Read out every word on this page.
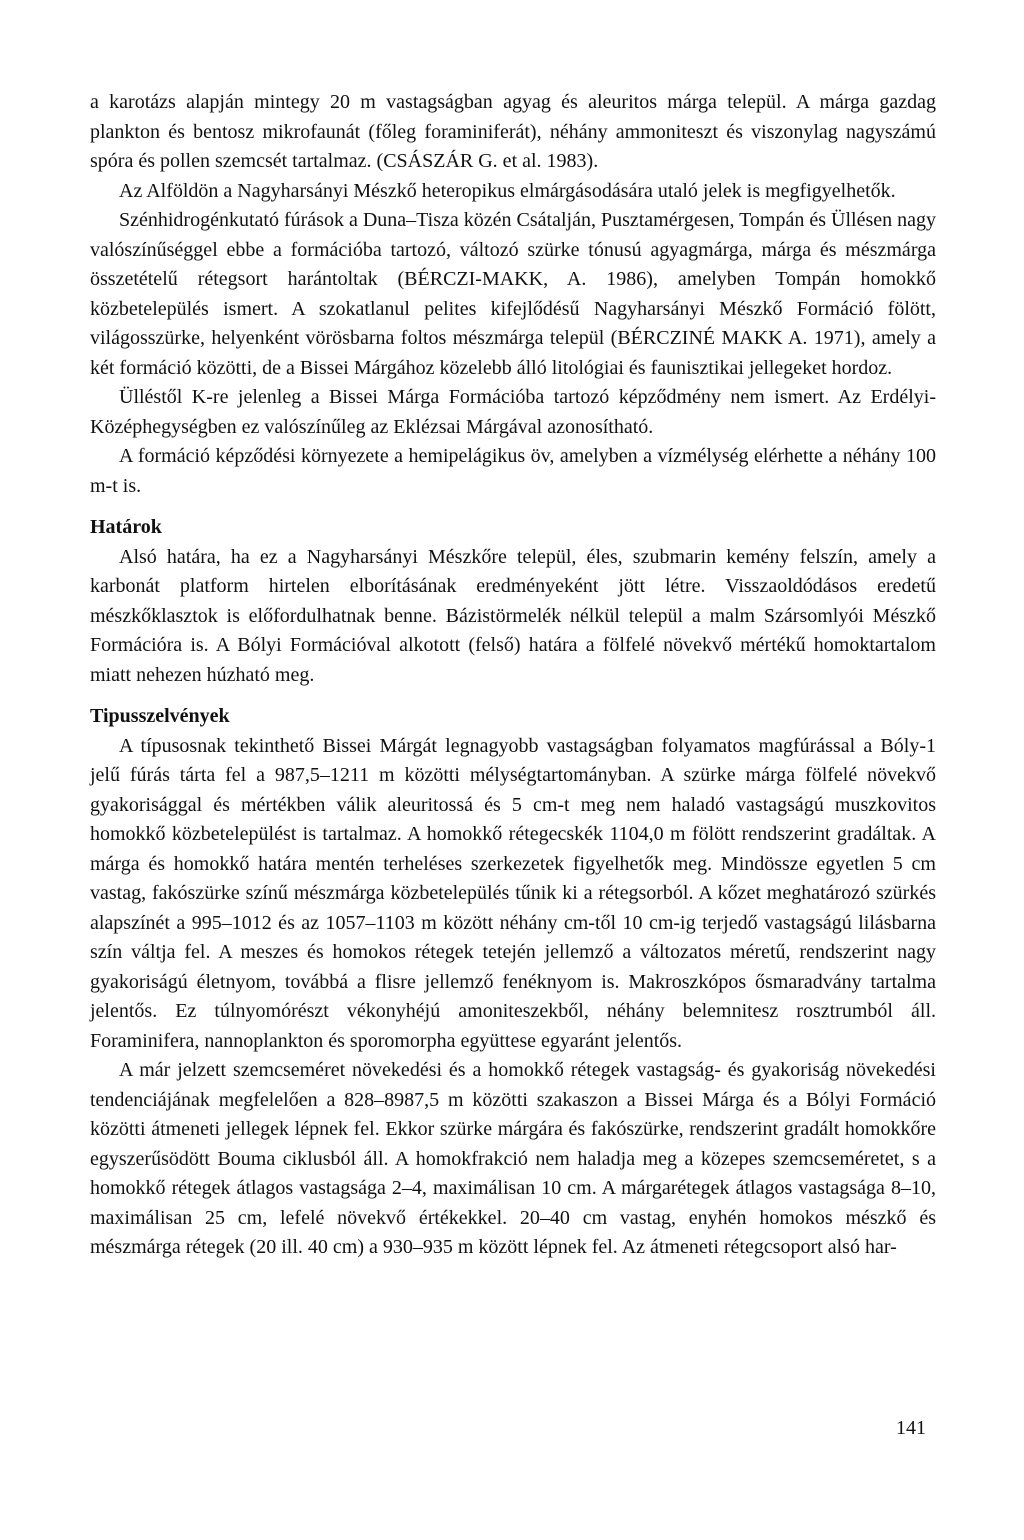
a karotázs alapján mintegy 20 m vastagságban agyag és aleuritos márga települ. A márga gazdag plankton és bentosz mikrofaunát (főleg foraminiferát), néhány ammoniteszt és viszonylag nagyszámú spóra és pollen szemcsét tartalmaz. (CSÁSZÁR G. et al. 1983).

Az Alföldön a Nagyharsányi Mészkő heteropikus elmárgásodására utaló jelek is megfigyelhetők.

Szénhidrogénkutató fúrások a Duna–Tisza közén Csátalján, Pusztamérgesen, Tompán és Üllésen nagy valószínűséggel ebbe a formációba tartozó, változó szürke tónusú agyagmárga, márga és mészmárga összetételű rétegsort harántoltak (BÉRCZI-MAKK, A. 1986), amelyben Tompán homokkő közbetelepülés ismert. A szokatlanul pelites kifejlődésű Nagyharsányi Mészkő Formáció fölött, világosszürke, helyenként vörösbarna foltos mészmárga települ (BÉRCZINÉ MAKK A. 1971), amely a két formáció közötti, de a Bissei Márgához közelebb álló litológiai és faunisztikai jellegeket hordoz.

Ülléstől K-re jelenleg a Bissei Márga Formációba tartozó képződmény nem ismert. Az Erdélyi-Középhegységben ez valószínűleg az Eklézsai Márgával azonosítható.

A formáció képződési környezete a hemipelágikus öv, amelyben a vízmélység elérhette a néhány 100 m-t is.

Határok

Alsó határa, ha ez a Nagyharsányi Mészkőre települ, éles, szubmarin kemény felszín, amely a karbonát platform hirtelen elborításának eredményeként jött létre. Visszaoldódásos eredetű mészkőklasztok is előfordulhatnak benne. Bázistörmelék nélkül települ a malm Szársomlyói Mészkő Formációra is. A Bólyi Formációval alkotott (felső) határa a fölfelé növekvő mértékű homoktartalom miatt nehezen húzható meg.

Tipusszelvények

A típusosnak tekinthető Bissei Márgát legnagyobb vastagságban folyamatos magfúrással a Bóly-1 jelű fúrás tárta fel a 987,5–1211 m közötti mélységtartományban. A szürke márga fölfelé növekvő gyakorisággal és mértékben válik aleuritossá és 5 cm-t meg nem haladó vastagságú muszkovitos homokkő közbetelepülést is tartalmaz. A homokkő rétegecskék 1104,0 m fölött rendszerint gradáltak. A márga és homokkő határa mentén terheléses szerkezetek figyelhetők meg. Mindössze egyetlen 5 cm vastag, fakószürke színű mészmárga közbetelepülés tűnik ki a rétegsorból. A kőzet meghatározó szürkés alapszínét a 995–1012 és az 1057–1103 m között néhány cm-től 10 cm-ig terjedő vastagságú lilásbarna szín váltja fel. A meszes és homokos rétegek tetején jellemző a változatos méretű, rendszerint nagy gyakoriságú életnyom, továbbá a flisre jellemző fenéknyom is. Makroszkópos ősmaradvány tartalma jelentős. Ez túlnyomórészt vékonyhéjú amoniteszekből, néhány belemnitesz rosztrumból áll. Foraminifera, nannoplankton és sporomorpha együttese egyaránt jelentős.

A már jelzett szemcseméret növekedési és a homokkő rétegek vastagság- és gyakoriság növekedési tendenciájának megfelelően a 828–8987,5 m közötti szakaszon a Bissei Márga és a Bólyi Formáció közötti átmeneti jellegek lépnek fel. Ekkor szürke márgára és fakószürke, rendszerint gradált homokkőre egyszerűsödött Bouma ciklusból áll. A homokfrakció nem haladja meg a közepes szemcseméretet, s a homokkő rétegek átlagos vastagsága 2–4, maximálisan 10 cm. A márgarétegek átlagos vastagsága 8–10, maximálisan 25 cm, lefelé növekvő értékekkel. 20–40 cm vastag, enyhén homokos mészkő és mészmárga rétegek (20 ill. 40 cm) a 930–935 m között lépnek fel. Az átmeneti rétegcsoport alsó har-

141
